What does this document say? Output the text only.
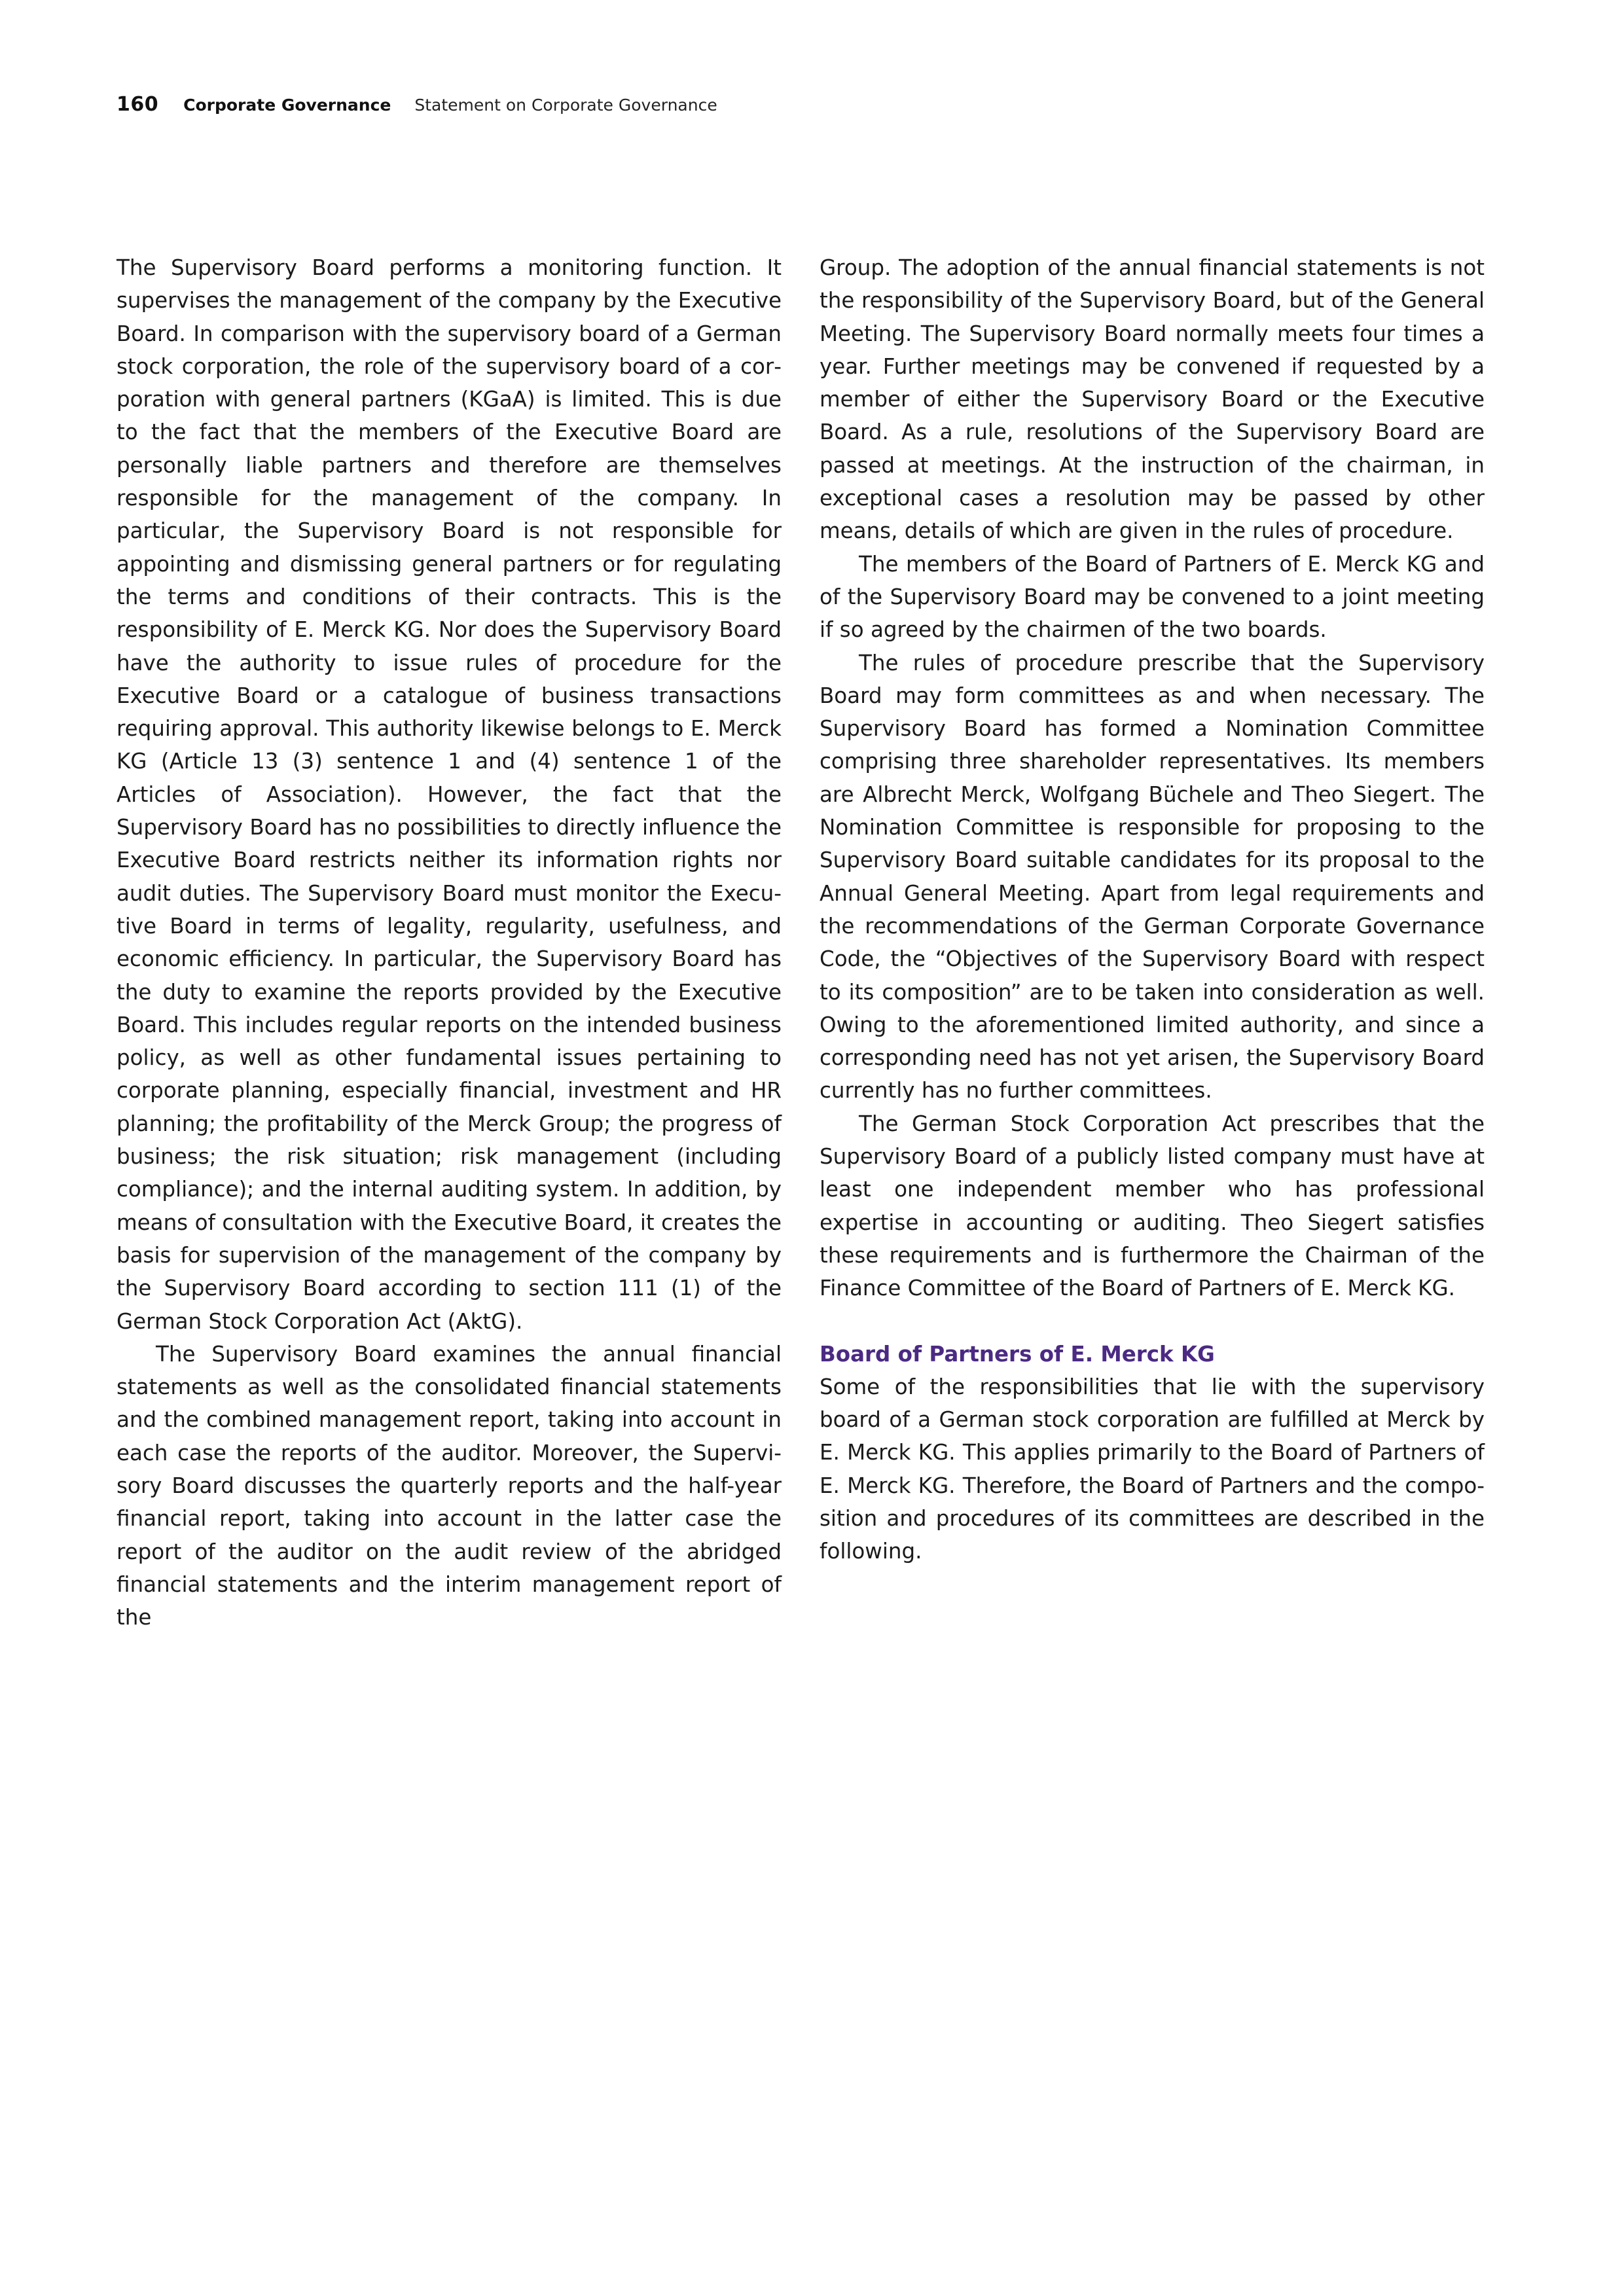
160 Corporate Governance Statement on Corporate Governance

The Supervisory Board performs a monitoring function. It supervises the management of the company by the Executive Board. In comparison with the supervisory board of a German stock corporation, the role of the supervisory board of a corporation with general partners (KGaA) is limited. This is due to the fact that the members of the Executive Board are personally liable partners and therefore are themselves responsible for the management of the company. In particular, the Supervisory Board is not responsible for appointing and dismissing general partners or for regulating the terms and conditions of their contracts. This is the responsibility of E. Merck KG. Nor does the Supervisory Board have the authority to issue rules of procedure for the Executive Board or a catalogue of business transactions requiring approval. This authority likewise belongs to E. Merck KG (Article 13 (3) sentence 1 and (4) sentence 1 of the Articles of Association). However, the fact that the Supervisory Board has no possibilities to directly influence the Executive Board restricts neither its information rights nor audit duties. The Supervisory Board must monitor the Executive Board in terms of legality, regularity, usefulness, and economic efficiency. In particular, the Supervisory Board has the duty to examine the reports provided by the Executive Board. This includes regular reports on the intended business policy, as well as other fundamental issues pertaining to corporate planning, especially financial, investment and HR planning; the profitability of the Merck Group; the progress of business; the risk situation; risk management (including compliance); and the internal auditing system. In addition, by means of consultation with the Executive Board, it creates the basis for supervision of the management of the company by the Supervisory Board according to section 111 (1) of the German Stock Corporation Act (AktG).

The Supervisory Board examines the annual financial statements as well as the consolidated financial statements and the combined management report, taking into account in each case the reports of the auditor. Moreover, the Supervisory Board discusses the quarterly reports and the half-year financial report, taking into account in the latter case the report of the auditor on the audit review of the abridged financial statements and the interim management report of the

Group. The adoption of the annual financial statements is not the responsibility of the Supervisory Board, but of the General Meeting. The Supervisory Board normally meets four times a year. Further meetings may be convened if requested by a member of either the Supervisory Board or the Executive Board. As a rule, resolutions of the Supervisory Board are passed at meetings. At the instruction of the chairman, in exceptional cases a resolution may be passed by other means, details of which are given in the rules of procedure.

The members of the Board of Partners of E. Merck KG and of the Supervisory Board may be convened to a joint meeting if so agreed by the chairmen of the two boards.

The rules of procedure prescribe that the Supervisory Board may form committees as and when necessary. The Supervisory Board has formed a Nomination Committee comprising three shareholder representatives. Its members are Albrecht Merck, Wolfgang Büchele and Theo Siegert. The Nomination Committee is responsible for proposing to the Supervisory Board suitable candidates for its proposal to the Annual General Meeting. Apart from legal requirements and the recommendations of the German Corporate Governance Code, the “Objectives of the Supervisory Board with respect to its composition” are to be taken into consideration as well. Owing to the aforementioned limited authority, and since a corresponding need has not yet arisen, the Supervisory Board currently has no further committees.

The German Stock Corporation Act prescribes that the Supervisory Board of a publicly listed company must have at least one independent member who has professional expertise in accounting or auditing. Theo Siegert satisfies these requirements and is furthermore the Chairman of the Finance Committee of the Board of Partners of E. Merck KG.

Board of Partners of E. Merck KG

Some of the responsibilities that lie with the supervisory board of a German stock corporation are fulfilled at Merck by E. Merck KG. This applies primarily to the Board of Partners of E. Merck KG. Therefore, the Board of Partners and the composition and procedures of its committees are described in the following.
